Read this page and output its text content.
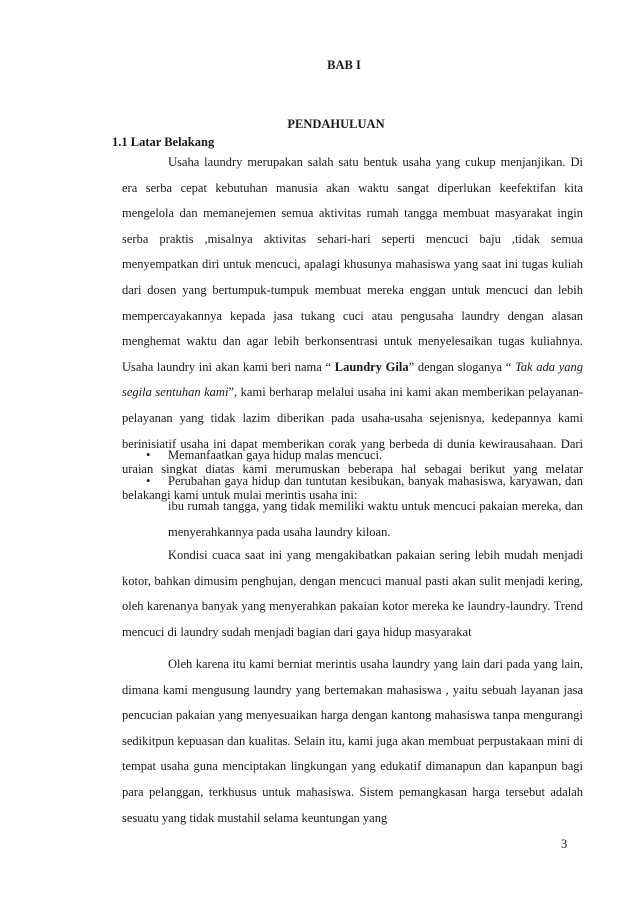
BAB I
PENDAHULUAN
1.1 Latar Belakang

Usaha laundry merupakan salah satu bentuk usaha yang cukup menjanjikan. Di era serba cepat kebutuhan manusia akan waktu sangat diperlukan keefektifan kita mengelola dan memanejemen semua aktivitas rumah tangga membuat masyarakat ingin serba praktis ,misalnya aktivitas sehari-hari seperti mencuci baju ,tidak semua menyempatkan diri untuk mencuci, apalagi khusunya mahasiswa yang saat ini tugas kuliah dari dosen yang bertumpuk-tumpuk membuat mereka enggan untuk mencuci dan lebih mempercayakannya kepada jasa tukang cuci atau pengusaha laundry dengan alasan menghemat waktu dan agar lebih berkonsentrasi untuk menyelesaikan tugas kuliahnya. Usaha laundry ini akan kami beri nama “ Laundry Gila” dengan sloganya “ Tak ada yang segila sentuhan kami”, kami berharap melalui usaha ini kami akan memberikan pelayanan-pelayanan yang tidak lazim diberikan pada usaha-usaha sejenisnya, kedepannya kami berinisiatif usaha ini dapat memberikan corak yang berbeda di dunia kewirausahaan. Dari uraian singkat diatas kami merumuskan beberapa hal sebagai berikut yang melatar belakangi kami untuk mulai merintis usaha ini:

• Memanfaatkan gaya hidup malas mencuci.
• Perubahan gaya hidup dan tuntutan kesibukan, banyak mahasiswa, karyawan, dan ibu rumah tangga, yang tidak memiliki waktu untuk mencuci pakaian mereka, dan menyerahkannya pada usaha laundry kiloan.

Kondisi cuaca saat ini yang mengakibatkan pakaian sering lebih mudah menjadi kotor, bahkan dimusim penghujan, dengan mencuci manual pasti akan sulit menjadi kering, oleh karenanya banyak yang menyerahkan pakaian kotor mereka ke laundry-laundry. Trend mencuci di laundry sudah menjadi bagian dari gaya hidup masyarakat

Oleh karena itu kami berniat merintis usaha laundry yang lain dari pada yang lain, dimana kami mengusung laundry yang bertemakan mahasiswa , yaitu sebuah layanan jasa pencucian pakaian yang menyesuaikan harga dengan kantong mahasiswa tanpa mengurangi sedikitpun kepuasan dan kualitas. Selain itu, kami juga akan membuat perpustakaan mini di tempat usaha guna menciptakan lingkungan yang edukatif dimanapun dan kapanpun bagi para pelanggan, terkhusus untuk mahasiswa. Sistem pemangkasan harga tersebut adalah sesuatu yang tidak mustahil selama keuntungan yang

3
